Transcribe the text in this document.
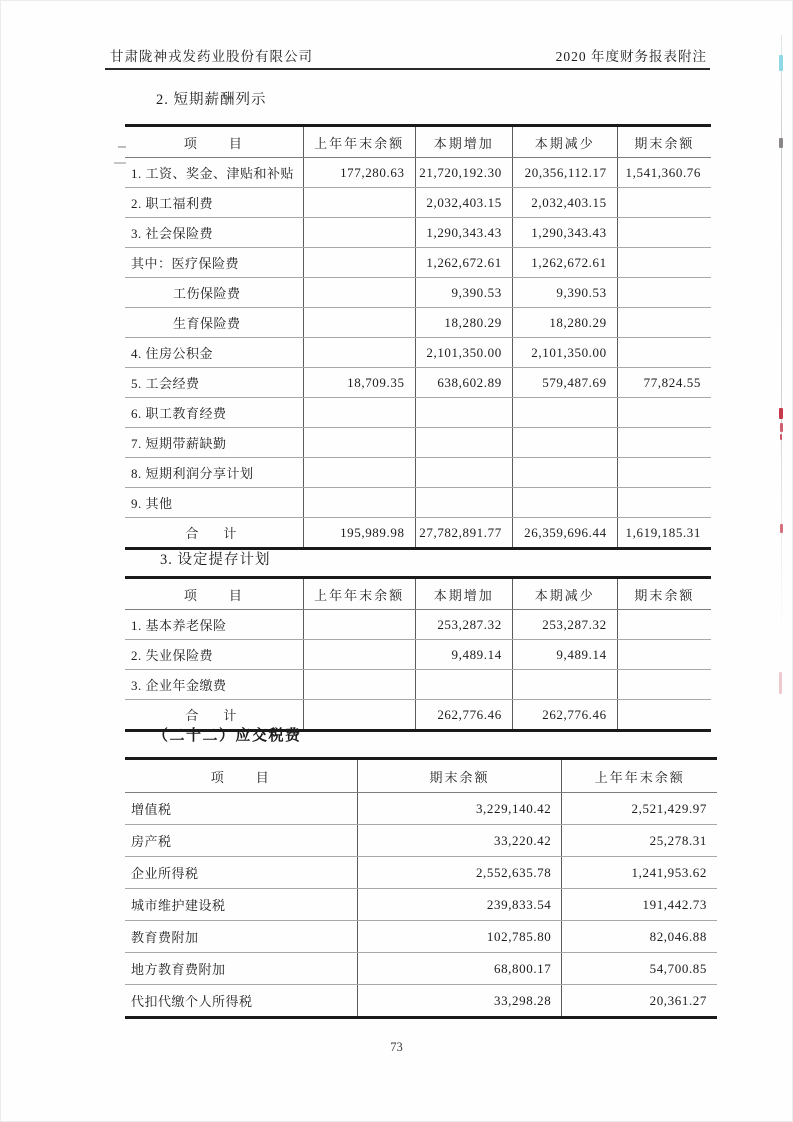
甘肃陇神戎发药业股份有限公司	2020 年度财务报表附注
2. 短期薪酬列示
项　　目	上年年末余额	本期增加	本期减少	期末余额
1. 工资、奖金、津贴和补贴	177,280.63	21,720,192.30	20,356,112.17	1,541,360.76
2. 职工福利费		2,032,403.15	2,032,403.15	
3. 社会保险费		1,290,343.43	1,290,343.43	
其中：医疗保险费		1,262,672.61	1,262,672.61	
工伤保险费		9,390.53	9,390.53	
生育保险费		18,280.29	18,280.29	
4. 住房公积金		2,101,350.00	2,101,350.00	
5. 工会经费	18,709.35	638,602.89	579,487.69	77,824.55
6. 职工教育经费				
7. 短期带薪缺勤				
8. 短期利润分享计划				
9. 其他				
合　计	195,989.98	27,782,891.77	26,359,696.44	1,619,185.31
3. 设定提存计划
项　　目	上年年末余额	本期增加	本期减少	期末余额
1. 基本养老保险		253,287.32	253,287.32	
2. 失业保险费		9,489.14	9,489.14	
3. 企业年金缴费				
合　计		262,776.46	262,776.46	
（二十二）应交税费
项　　目	期末余额	上年年末余额
增值税	3,229,140.42	2,521,429.97
房产税	33,220.42	25,278.31
企业所得税	2,552,635.78	1,241,953.62
城市维护建设税	239,833.54	191,442.73
教育费附加	102,785.80	82,046.88
地方教育费附加	68,800.17	54,700.85
代扣代缴个人所得税	33,298.28	20,361.27
73
